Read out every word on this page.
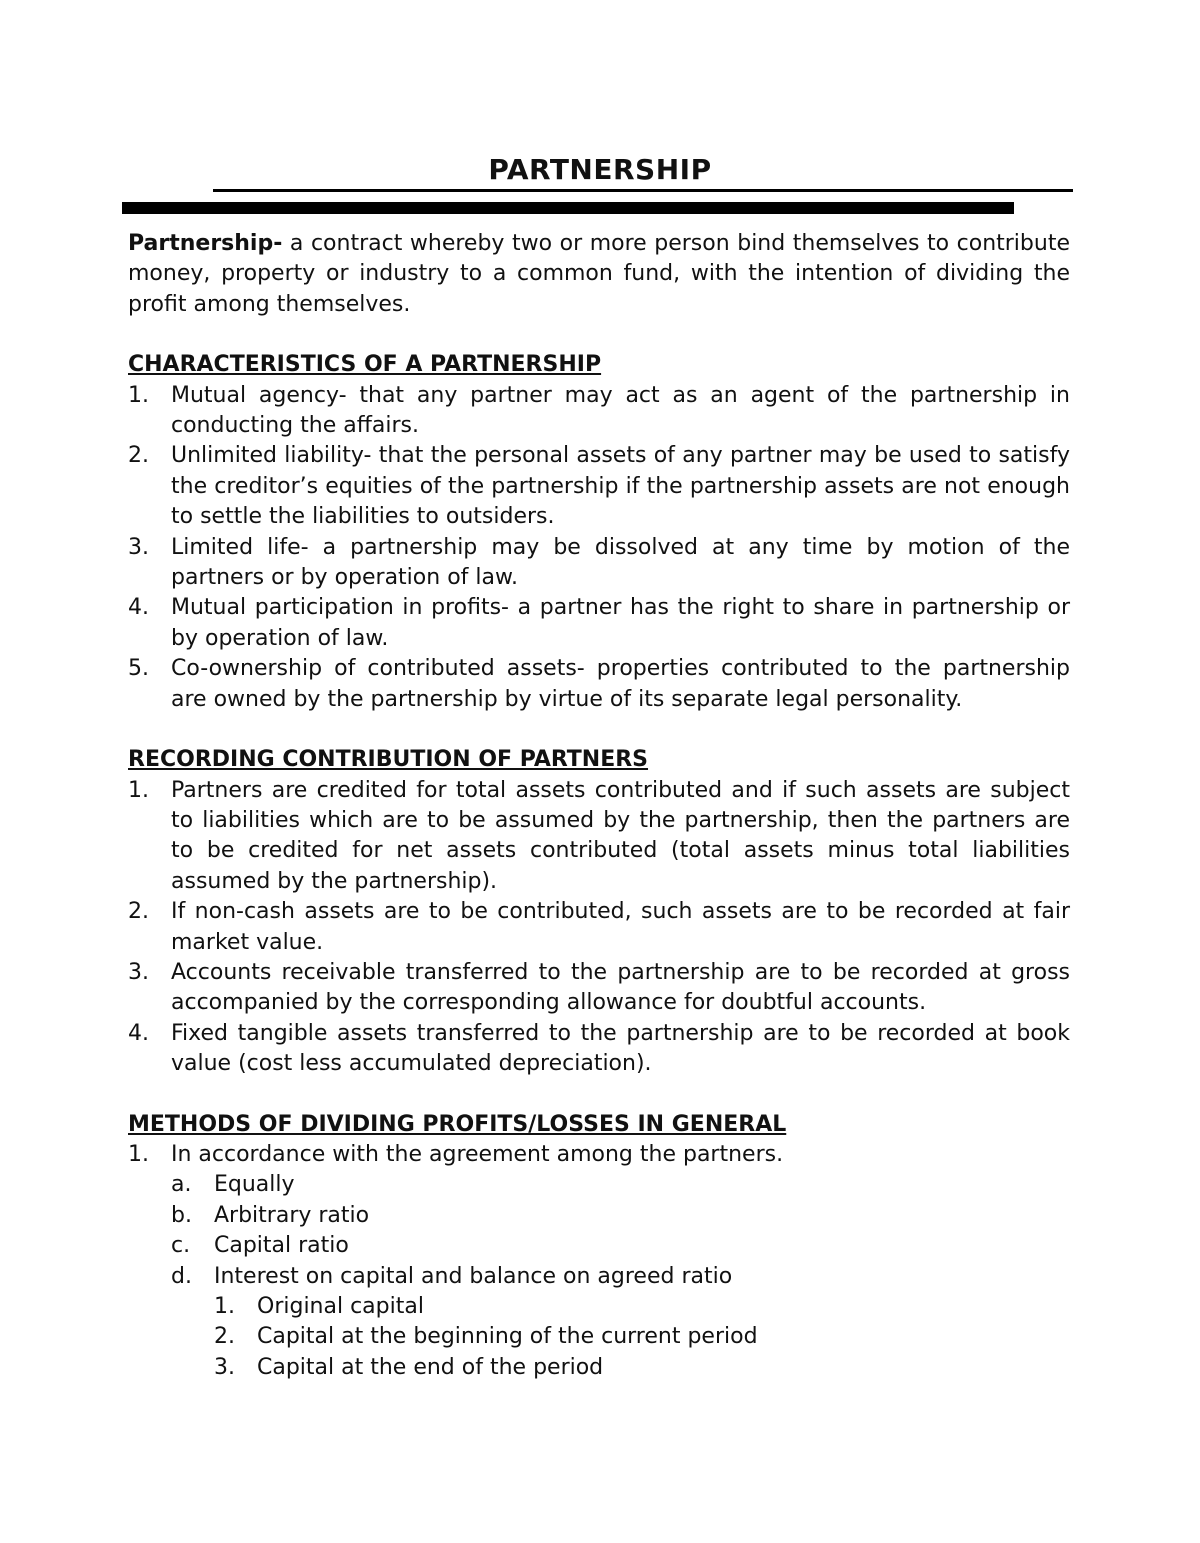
PARTNERSHIP

Partnership- a contract whereby two or more person bind themselves to contribute money, property or industry to a common fund, with the intention of dividing the profit among themselves.

CHARACTERISTICS OF A PARTNERSHIP

1. Mutual agency- that any partner may act as an agent of the partnership in conducting the affairs.
2. Unlimited liability- that the personal assets of any partner may be used to satisfy the creditor’s equities of the partnership if the partnership assets are not enough to settle the liabilities to outsiders.
3. Limited life- a partnership may be dissolved at any time by motion of the partners or by operation of law.
4. Mutual participation in profits- a partner has the right to share in partnership or by operation of law.
5. Co-ownership of contributed assets- properties contributed to the partnership are owned by the partnership by virtue of its separate legal personality.

RECORDING CONTRIBUTION OF PARTNERS

1. Partners are credited for total assets contributed and if such assets are subject to liabilities which are to be assumed by the partnership, then the partners are to be credited for net assets contributed (total assets minus total liabilities assumed by the partnership).
2. If non-cash assets are to be contributed, such assets are to be recorded at fair market value.
3. Accounts receivable transferred to the partnership are to be recorded at gross accompanied by the corresponding allowance for doubtful accounts.
4. Fixed tangible assets transferred to the partnership are to be recorded at book value (cost less accumulated depreciation).

METHODS OF DIVIDING PROFITS/LOSSES IN GENERAL

1. In accordance with the agreement among the partners.
a. Equally
b. Arbitrary ratio
c. Capital ratio
d. Interest on capital and balance on agreed ratio
1. Original capital
2. Capital at the beginning of the current period
3. Capital at the end of the period
